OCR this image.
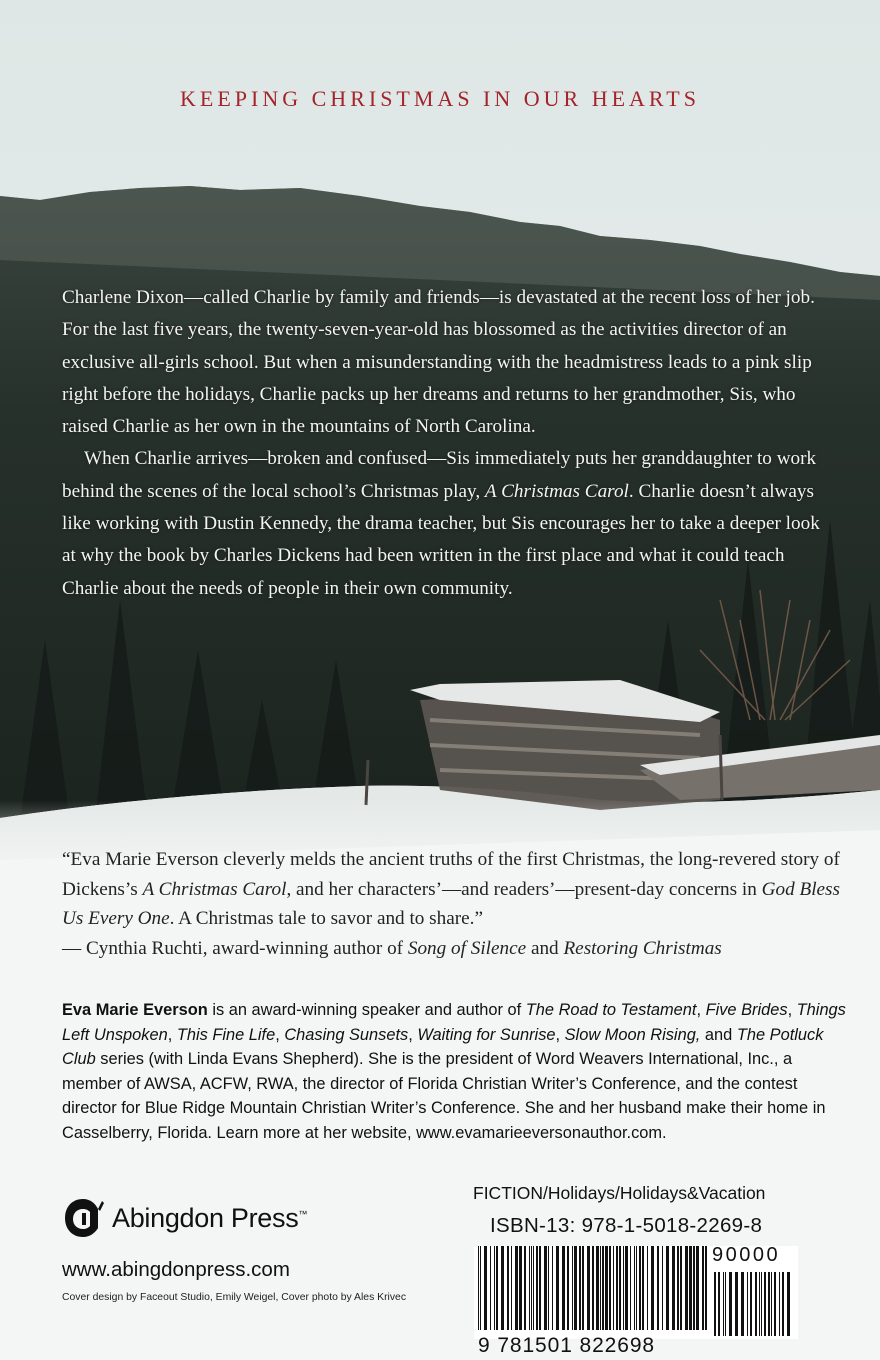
KEEPING CHRISTMAS IN OUR HEARTS

Charlene Dixon—called Charlie by family and friends—is devastated at the recent loss of her job. For the last five years, the twenty-seven-year-old has blossomed as the activities director of an exclusive all-girls school. But when a misunderstanding with the headmistress leads to a pink slip right before the holidays, Charlie packs up her dreams and returns to her grandmother, Sis, who raised Charlie as her own in the mountains of North Carolina.

When Charlie arrives—broken and confused—Sis immediately puts her granddaughter to work behind the scenes of the local school’s Christmas play, A Christmas Carol. Charlie doesn’t always like working with Dustin Kennedy, the drama teacher, but Sis encourages her to take a deeper look at why the book by Charles Dickens had been written in the first place and what it could teach Charlie about the needs of people in their own community.

“Eva Marie Everson cleverly melds the ancient truths of the first Christmas, the long-revered story of Dickens’s A Christmas Carol, and her characters’—and readers’—present-day concerns in God Bless Us Every One. A Christmas tale to savor and to share.”

— Cynthia Ruchti, award-winning author of Song of Silence and Restoring Christmas

Eva Marie Everson is an award-winning speaker and author of The Road to Testament, Five Brides, Things Left Unspoken, This Fine Life, Chasing Sunsets, Waiting for Sunrise, Slow Moon Rising, and The Potluck Club series (with Linda Evans Shepherd). She is the president of Word Weavers International, Inc., a member of AWSA, ACFW, RWA, the director of Florida Christian Writer’s Conference, and the contest director for Blue Ridge Mountain Christian Writer’s Conference. She and her husband make their home in Casselberry, Florida. Learn more at her website, www.evamarieeversonauthor.com.

Abingdon Press™
www.abingdonpress.com
Cover design by Faceout Studio, Emily Weigel, Cover photo by Ales Krivec
FICTION/Holidays/Holidays&Vacation
ISBN-13: 978-1-5018-2269-8
90000
9 781501 822698
